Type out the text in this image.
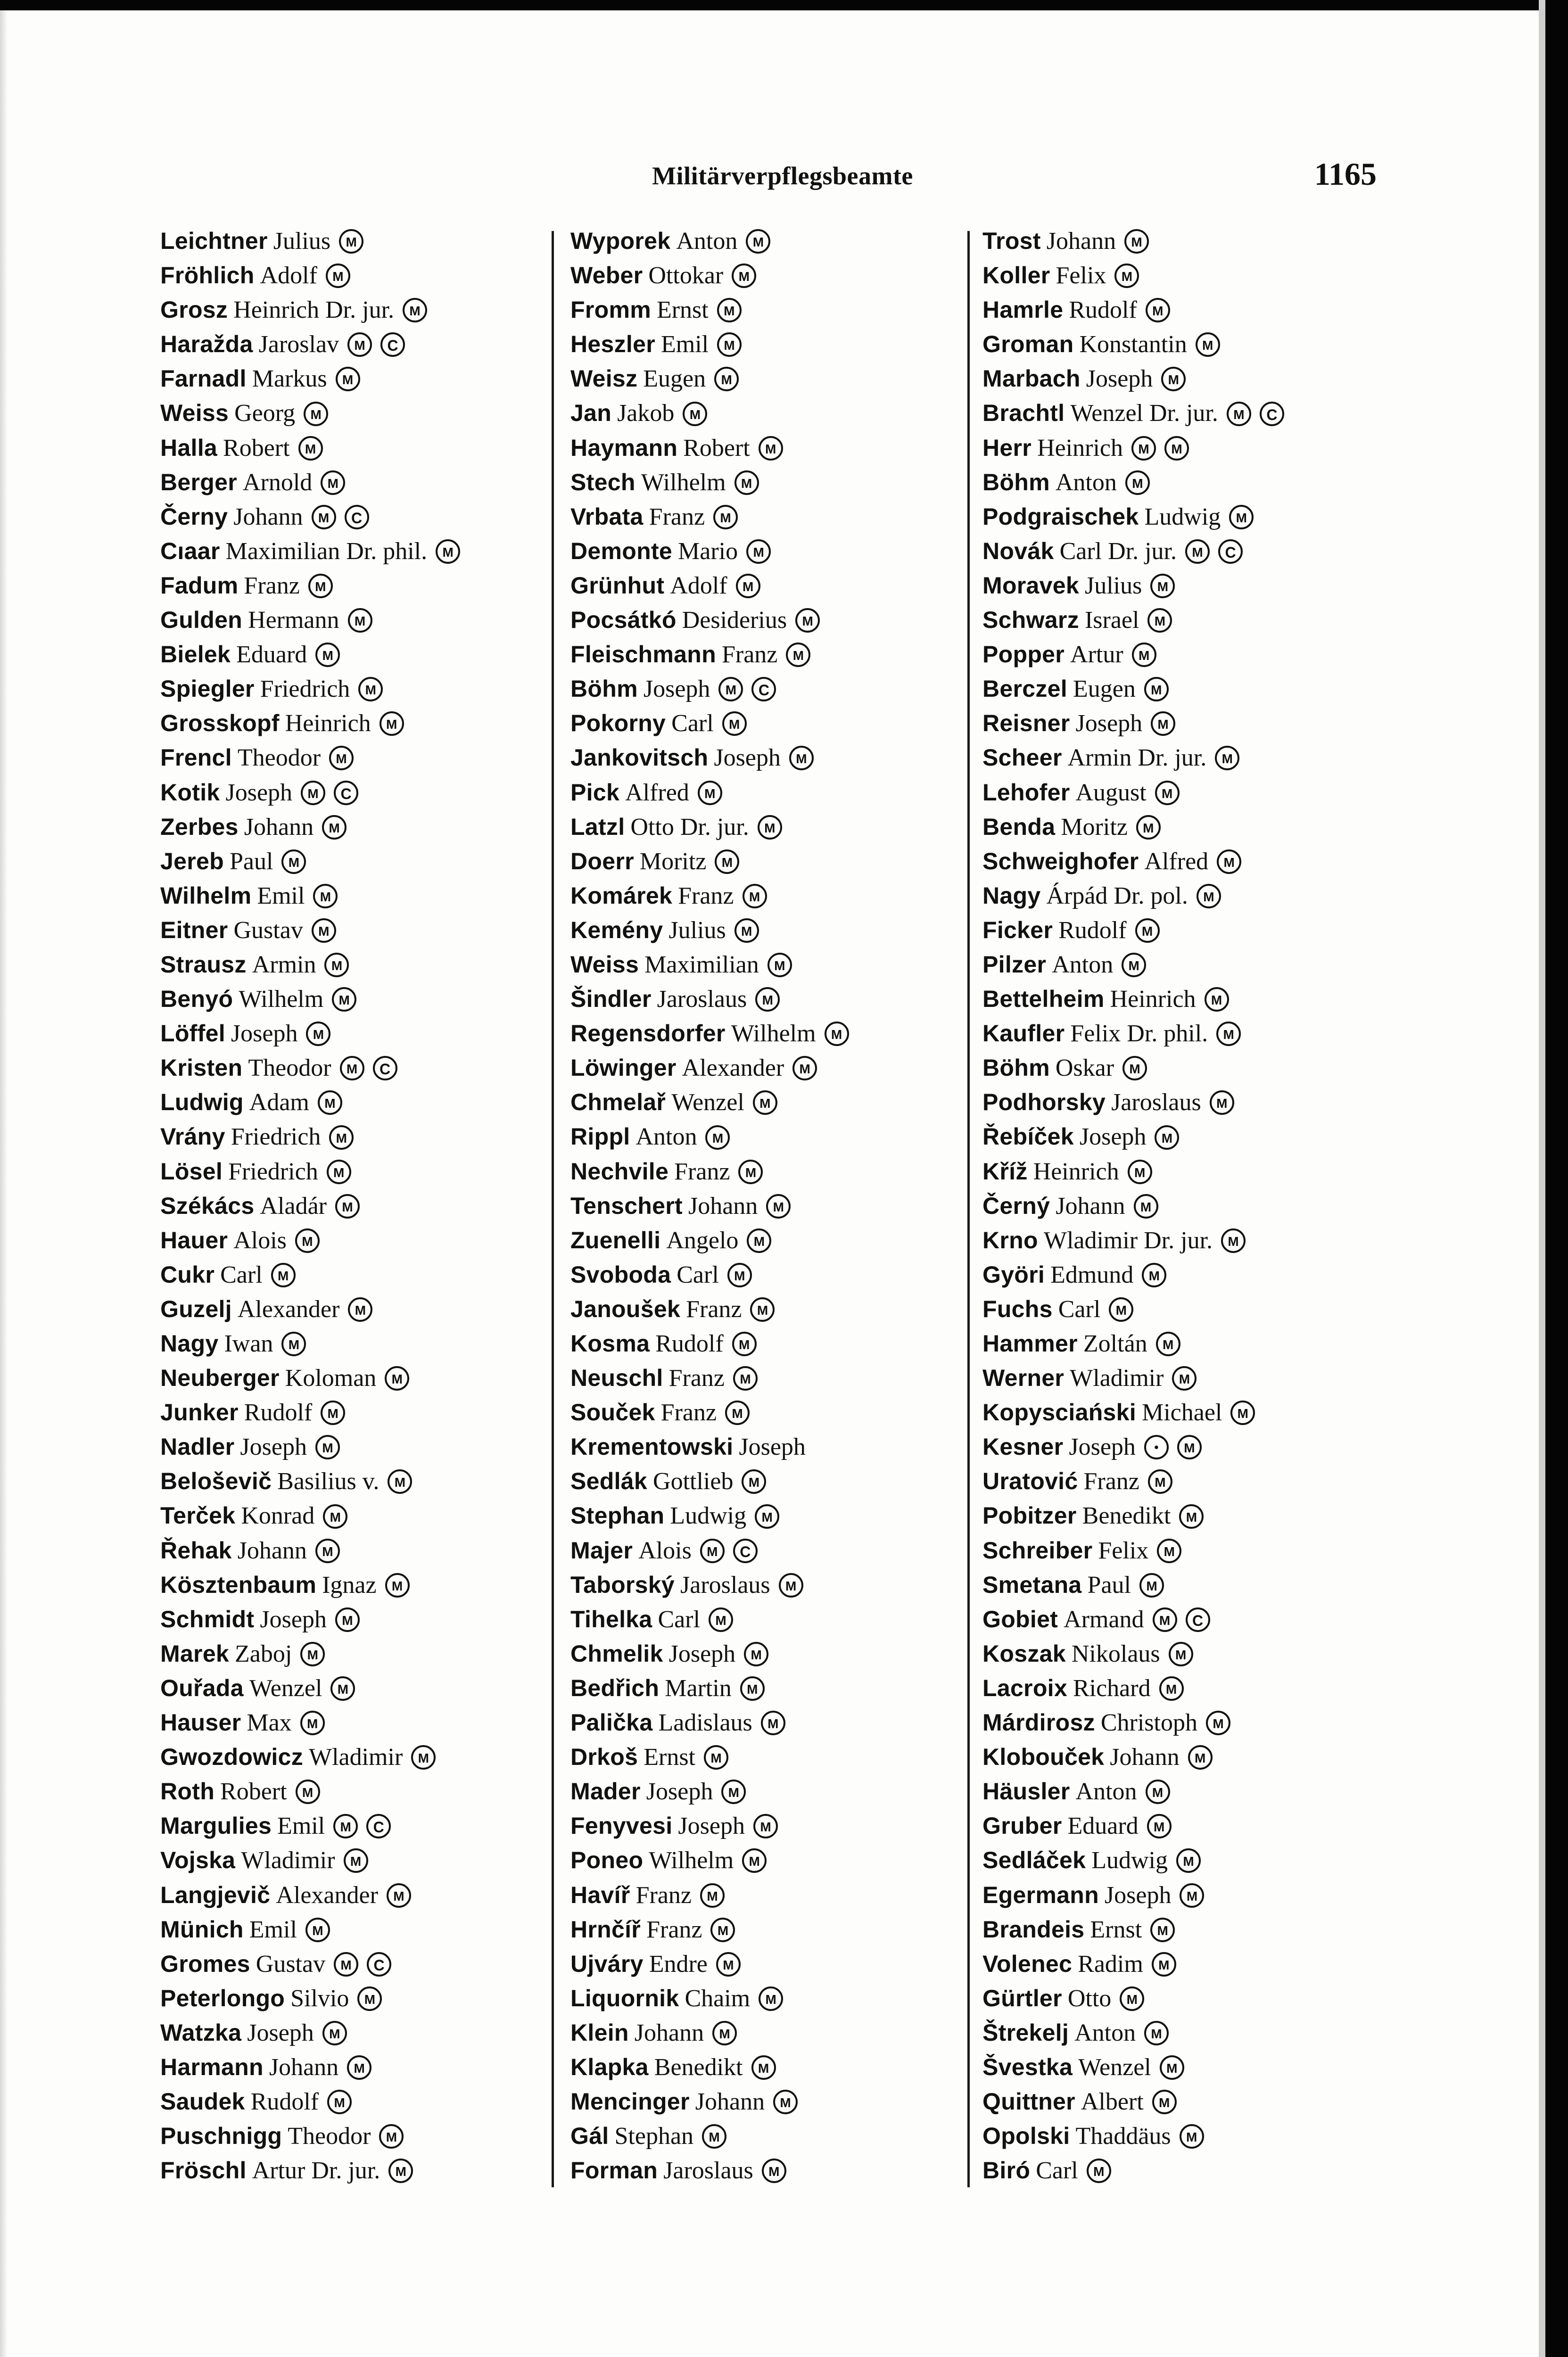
Militärverpflegsbeamte	1165
Leichtner Julius M
Fröhlich Adolf M
Grosz Heinrich Dr. jur. M
Haražda Jaroslav M C
Farnadl Markus M
Weiss Georg M
Halla Robert M
Berger Arnold M
Černy Johann M C
Cıaar Maximilian Dr. phil. M
Fadum Franz M
Gulden Hermann M
Bielek Eduard M
Spiegler Friedrich M
Grosskopf Heinrich M
Frencl Theodor M
Kotik Joseph M C
Zerbes Johann M
Jereb Paul M
Wilhelm Emil M
Eitner Gustav M
Strausz Armin M
Benyó Wilhelm M
Löffel Joseph M
Kristen Theodor M C
Ludwig Adam M
Vrány Friedrich M
Lösel Friedrich M
Székács Aladár M
Hauer Alois M
Cukr Carl M
Guzelj Alexander M
Nagy Iwan M
Neuberger Koloman M
Junker Rudolf M
Nadler Joseph M
Beloševič Basilius v. M
Terček Konrad M
Řehak Johann M
Kösztenbaum Ignaz M
Schmidt Joseph M
Marek Zaboj M
Ouřada Wenzel M
Hauser Max M
Gwozdowicz Wladimir M
Roth Robert M
Margulies Emil M C
Vojska Wladimir M
Langjevič Alexander M
Münich Emil M
Gromes Gustav M C
Peterlongo Silvio M
Watzka Joseph M
Harmann Johann M
Saudek Rudolf M
Puschnigg Theodor M
Fröschl Artur Dr. jur. M
Wyporek Anton M
Weber Ottokar M
Fromm Ernst M
Heszler Emil M
Weisz Eugen M
Jan Jakob M
Haymann Robert M
Stech Wilhelm M
Vrbata Franz M
Demonte Mario M
Grünhut Adolf M
Pocsátkó Desiderius M
Fleischmann Franz M
Böhm Joseph M C
Pokorny Carl M
Jankovitsch Joseph M
Pick Alfred M
Latzl Otto Dr. jur. M
Doerr Moritz M
Komárek Franz M
Kemény Julius M
Weiss Maximilian M
Šindler Jaroslaus M
Regensdorfer Wilhelm M
Löwinger Alexander M
Chmelař Wenzel M
Rippl Anton M
Nechvile Franz M
Tenschert Johann M
Zuenelli Angelo M
Svoboda Carl M
Janoušek Franz M
Kosma Rudolf M
Neuschl Franz M
Souček Franz M
Krementowski Joseph
Sedlák Gottlieb M
Stephan Ludwig M
Majer Alois M C
Taborský Jaroslaus M
Tihelka Carl M
Chmelik Joseph M
Bedřich Martin M
Palička Ladislaus M
Drkoš Ernst M
Mader Joseph M
Fenyvesi Joseph M
Poneo Wilhelm M
Havíř Franz M
Hrnčíř Franz M
Ujváry Endre M
Liquornik Chaim M
Klein Johann M
Klapka Benedikt M
Mencinger Johann M
Gál Stephan M
Forman Jaroslaus M
Trost Johann M
Koller Felix M
Hamrle Rudolf M
Groman Konstantin M
Marbach Joseph M
Brachtl Wenzel Dr. jur. M C
Herr Heinrich M M
Böhm Anton M
Podgraischek Ludwig M
Novák Carl Dr. jur. M C
Moravek Julius M
Schwarz Israel M
Popper Artur M
Berczel Eugen M
Reisner Joseph M
Scheer Armin Dr. jur. M
Lehofer August M
Benda Moritz M
Schweighofer Alfred M
Nagy Árpád Dr. pol. M
Ficker Rudolf M
Pilzer Anton M
Bettelheim Heinrich M
Kaufler Felix Dr. phil. M
Böhm Oskar M
Podhorsky Jaroslaus M
Řebíček Joseph M
Kříž Heinrich M
Černý Johann M
Krno Wladimir Dr. jur. M
Györi Edmund M
Fuchs Carl M
Hammer Zoltán M
Werner Wladimir M
Kopysciański Michael M
Kesner Joseph • M
Uratović Franz M
Pobitzer Benedikt M
Schreiber Felix M
Smetana Paul M
Gobiet Armand M C
Koszak Nikolaus M
Lacroix Richard M
Márdirosz Christoph M
Klobouček Johann M
Häusler Anton M
Gruber Eduard M
Sedláček Ludwig M
Egermann Joseph M
Brandeis Ernst M
Volenec Radim M
Gürtler Otto M
Štrekelj Anton M
Švestka Wenzel M
Quittner Albert M
Opolski Thaddäus M
Biró Carl M
